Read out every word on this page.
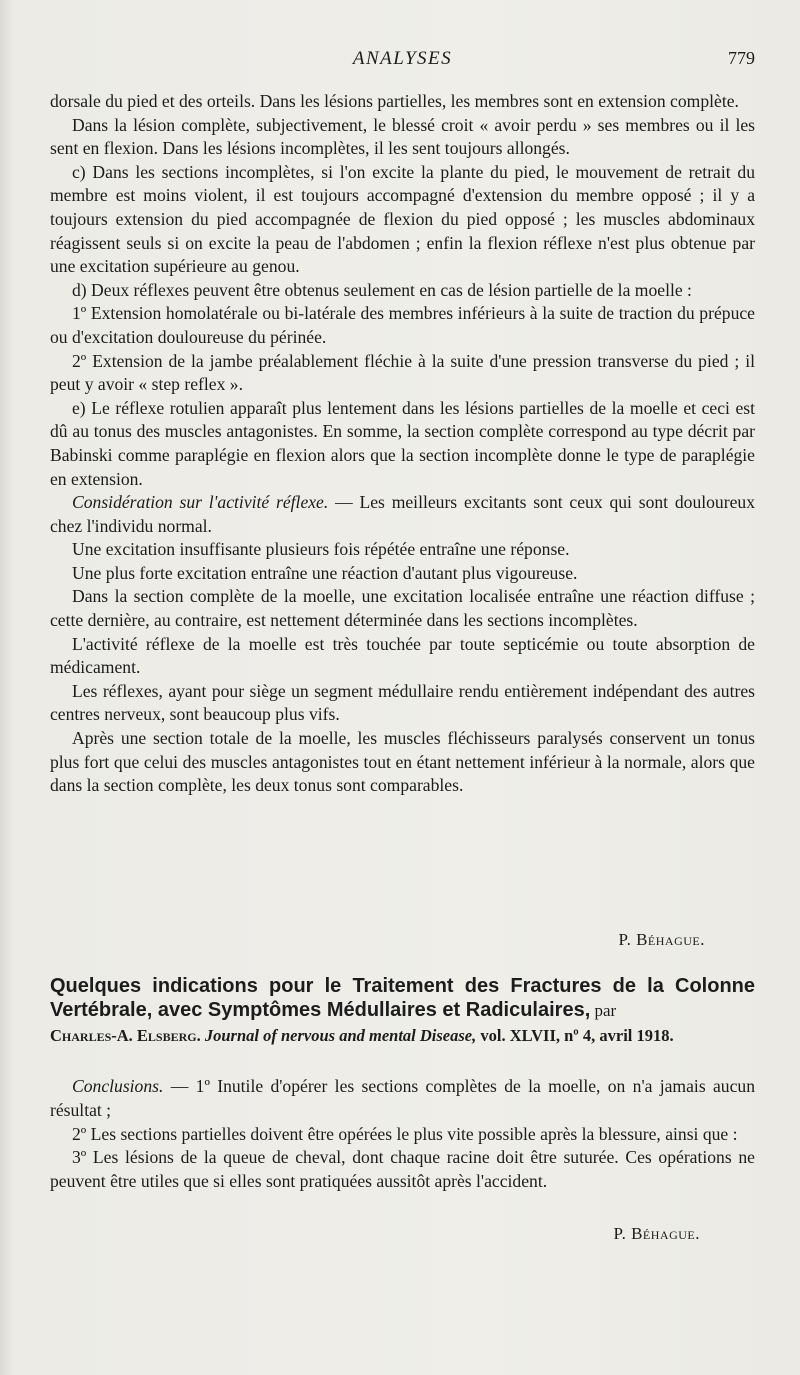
ANALYSES	779

dorsale du pied et des orteils. Dans les lésions partielles, les membres sont en extension complète.

Dans la lésion complète, subjectivement, le blessé croit « avoir perdu » ses membres ou il les sent en flexion. Dans les lésions incomplètes, il les sent toujours allongés.

c) Dans les sections incomplètes, si l'on excite la plante du pied, le mouvement de retrait du membre est moins violent, il est toujours accompagné d'extension du membre opposé ; il y a toujours extension du pied accompagnée de flexion du pied opposé ; les muscles abdominaux réagissent seuls si on excite la peau de l'abdomen ; enfin la flexion réflexe n'est plus obtenue par une excitation supérieure au genou.

d) Deux réflexes peuvent être obtenus seulement en cas de lésion partielle de la moelle :

1º Extension homolatérale ou bi-latérale des membres inférieurs à la suite de traction du prépuce ou d'excitation douloureuse du périnée.

2º Extension de la jambe préalablement fléchie à la suite d'une pression transverse du pied ; il peut y avoir « step reflex ».

e) Le réflexe rotulien apparaît plus lentement dans les lésions partielles de la moelle et ceci est dû au tonus des muscles antagonistes. En somme, la section complète correspond au type décrit par Babinski comme paraplégie en flexion alors que la section incomplète donne le type de paraplégie en extension.

Considération sur l'activité réflexe. — Les meilleurs excitants sont ceux qui sont douloureux chez l'individu normal.

Une excitation insuffisante plusieurs fois répétée entraîne une réponse.

Une plus forte excitation entraîne une réaction d'autant plus vigoureuse.

Dans la section complète de la moelle, une excitation localisée entraîne une réaction diffuse ; cette dernière, au contraire, est nettement déterminée dans les sections incomplètes.

L'activité réflexe de la moelle est très touchée par toute septicémie ou toute absorption de médicament.

Les réflexes, ayant pour siège un segment médullaire rendu entièrement indépendant des autres centres nerveux, sont beaucoup plus vifs.

Après une section totale de la moelle, les muscles fléchisseurs paralysés conservent un tonus plus fort que celui des muscles antagonistes tout en étant nettement inférieur à la normale, alors que dans la section complète, les deux tonus sont comparables.

P. Béhague.

Quelques indications pour le Traitement des Fractures de la Colonne Vertébrale, avec Symptômes Médullaires et Radiculaires, par
Charles-A. Elsberg. Journal of nervous and mental Disease, vol. XLVII, nº 4, avril 1918.

Conclusions. — 1º Inutile d'opérer les sections complètes de la moelle, on n'a jamais aucun résultat ;

2º Les sections partielles doivent être opérées le plus vite possible après la blessure, ainsi que :

3º Les lésions de la queue de cheval, dont chaque racine doit être suturée. Ces opérations ne peuvent être utiles que si elles sont pratiquées aussitôt après l'accident.

P. Béhague.
